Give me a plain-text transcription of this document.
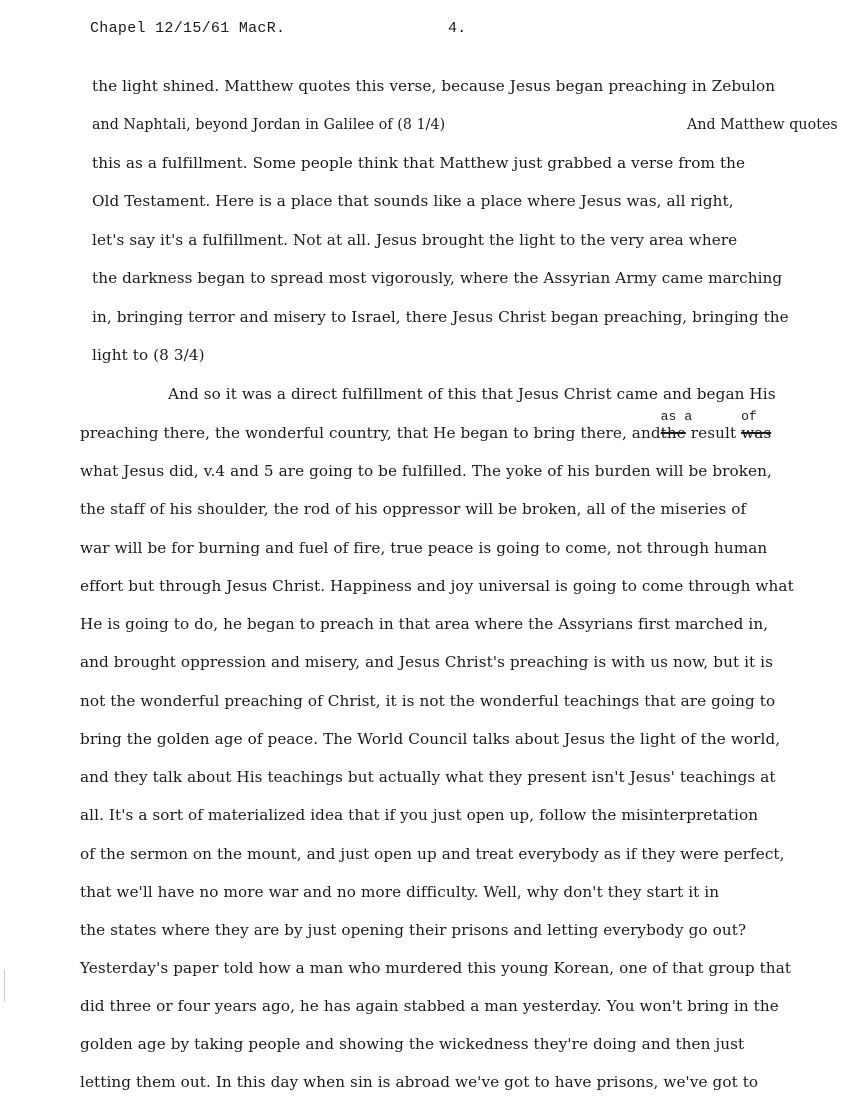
Chapel 12/15/61 MacR.	4.
the light shined. Matthew quotes this verse, because Jesus began preaching in Zebulon
and Naphtali, beyond Jordan in Galilee of (8 1/4)	And Matthew quotes
this as a fulfillment. Some people think that Matthew just grabbed a verse from the
Old Testament. Here is a place that sounds like a place where Jesus was, all right,
let's say it's a fulfillment. Not at all. Jesus brought the light to the very area where
the darkness began to spread most vigorously, where the Assyrian Army came marching
in, bringing terror and misery to Israel, there Jesus Christ began preaching, bringing the
light to (8 3/4)
And so it was a direct fulfillment of this that Jesus Christ came and began His
preaching there, the wonderful country, that He began to bring there, and
as a
the result
of
was
what Jesus did, v.4 and 5 are going to be fulfilled. The yoke of his burden will be broken,
the staff of his shoulder, the rod of his oppressor will be broken, all of the miseries of
war will be for burning and fuel of fire, true peace is going to come, not through human
effort but through Jesus Christ. Happiness and joy universal is going to come through what
He is going to do, he began to preach in that area where the Assyrians first marched in,
and brought oppression and misery, and Jesus Christ's preaching is with us now, but it is
not the wonderful preaching of Christ, it is not the wonderful teachings that are going to
bring the golden age of peace. The World Council talks about Jesus the light of the world,
and they talk about His teachings but actually what they present isn't Jesus' teachings at
all. It's a sort of materialized idea that if you just open up, follow the misinterpretation
of the sermon on the mount, and just open up and treat everybody as if they were perfect,
that we'll have no more war and no more difficulty. Well, why don't they start it in
the states where they are by just opening their prisons and letting everybody go out?
Yesterday's paper told how a man who murdered this young Korean, one of that group that
did three or four years ago, he has again stabbed a man yesterday. You won't bring in the
golden age by taking people and showing the wickedness they're doing and then just
letting them out. In this day when sin is abroad we've got to have prisons, we've got to
